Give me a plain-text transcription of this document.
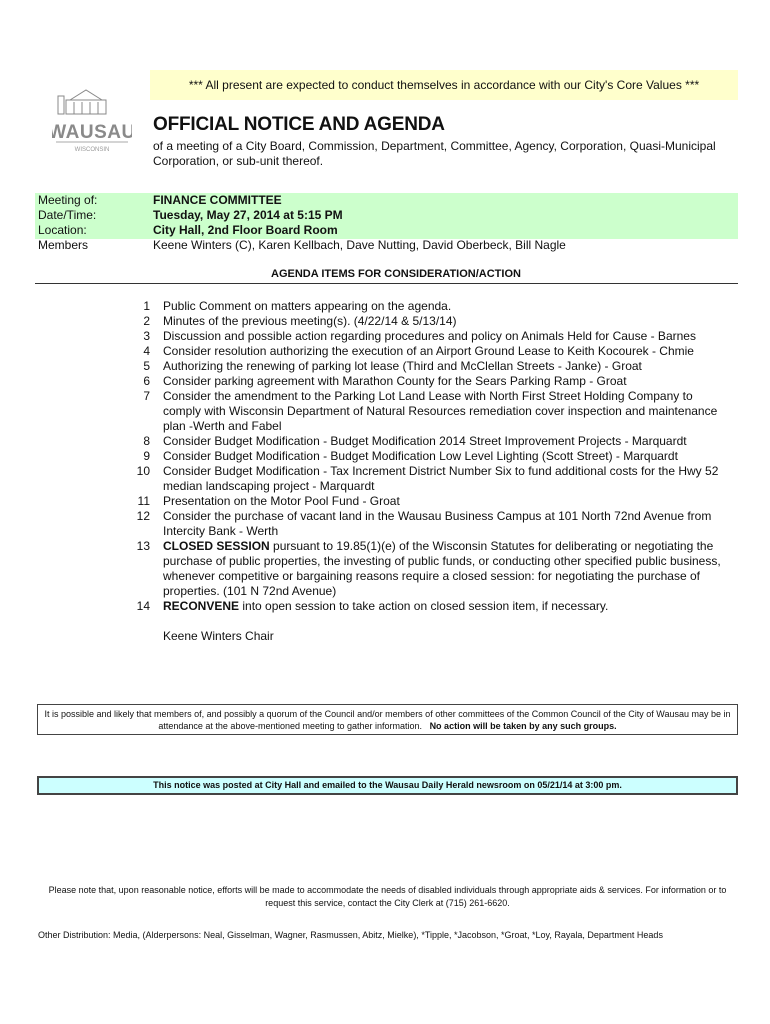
*** All present are expected to conduct themselves in accordance with our City's Core Values ***
WAUSAU
WISCONSIN
OFFICIAL NOTICE AND AGENDA
of a meeting of a City Board, Commission, Department, Committee, Agency, Corporation, Quasi-Municipal Corporation, or sub-unit thereof.
Meeting of:	FINANCE COMMITTEE
Date/Time:	Tuesday, May 27, 2014 at 5:15 PM
Location:	City Hall, 2nd Floor Board Room
Members	Keene Winters (C), Karen Kellbach, Dave Nutting, David Oberbeck, Bill Nagle
AGENDA ITEMS FOR CONSIDERATION/ACTION
1	Public Comment on matters appearing on the agenda.
2	Minutes of the previous meeting(s). (4/22/14 & 5/13/14)
3	Discussion and possible action regarding procedures and policy on Animals Held for Cause - Barnes
4	Consider resolution authorizing the execution of an Airport Ground Lease to Keith Kocourek - Chmie
5	Authorizing the renewing of parking lot lease (Third and McClellan Streets - Janke) - Groat
6	Consider parking agreement with Marathon County for the Sears Parking Ramp - Groat
7	Consider the amendment to the Parking Lot Land Lease with North First Street Holding Company to comply with Wisconsin Department of Natural Resources remediation cover inspection and maintenance plan -Werth and Fabel
8	Consider Budget Modification - Budget Modification 2014 Street Improvement Projects - Marquardt
9	Consider Budget Modification - Budget Modification Low Level Lighting (Scott Street) - Marquardt
10	Consider Budget Modification - Tax Increment District Number Six to fund additional costs for the Hwy 52 median landscaping project - Marquardt
11	Presentation on the Motor Pool Fund - Groat
12	Consider the purchase of vacant land in the Wausau Business Campus at 101 North 72nd Avenue from Intercity Bank - Werth
13	CLOSED SESSION pursuant to 19.85(1)(e) of the Wisconsin Statutes for deliberating or negotiating the purchase of public properties, the investing of public funds, or conducting other specified public business, whenever competitive or bargaining reasons require a closed session: for negotiating the purchase of properties. (101 N 72nd Avenue)
14	RECONVENE into open session to take action on closed session item, if necessary.
Keene Winters Chair
It is possible and likely that members of, and possibly a quorum of the Council and/or members of other committees of the Common Council of the City of Wausau may be in attendance at the above-mentioned meeting to gather information. No action will be taken by any such groups.
This notice was posted at City Hall and emailed to the Wausau Daily Herald newsroom on 05/21/14 at 3:00 pm.
Please note that, upon reasonable notice, efforts will be made to accommodate the needs of disabled individuals through appropriate aids & services. For information or to request this service, contact the City Clerk at (715) 261-6620.
Other Distribution: Media, (Alderpersons: Neal, Gisselman, Wagner, Rasmussen, Abitz, Mielke), *Tipple, *Jacobson, *Groat, *Loy, Rayala, Department Heads
